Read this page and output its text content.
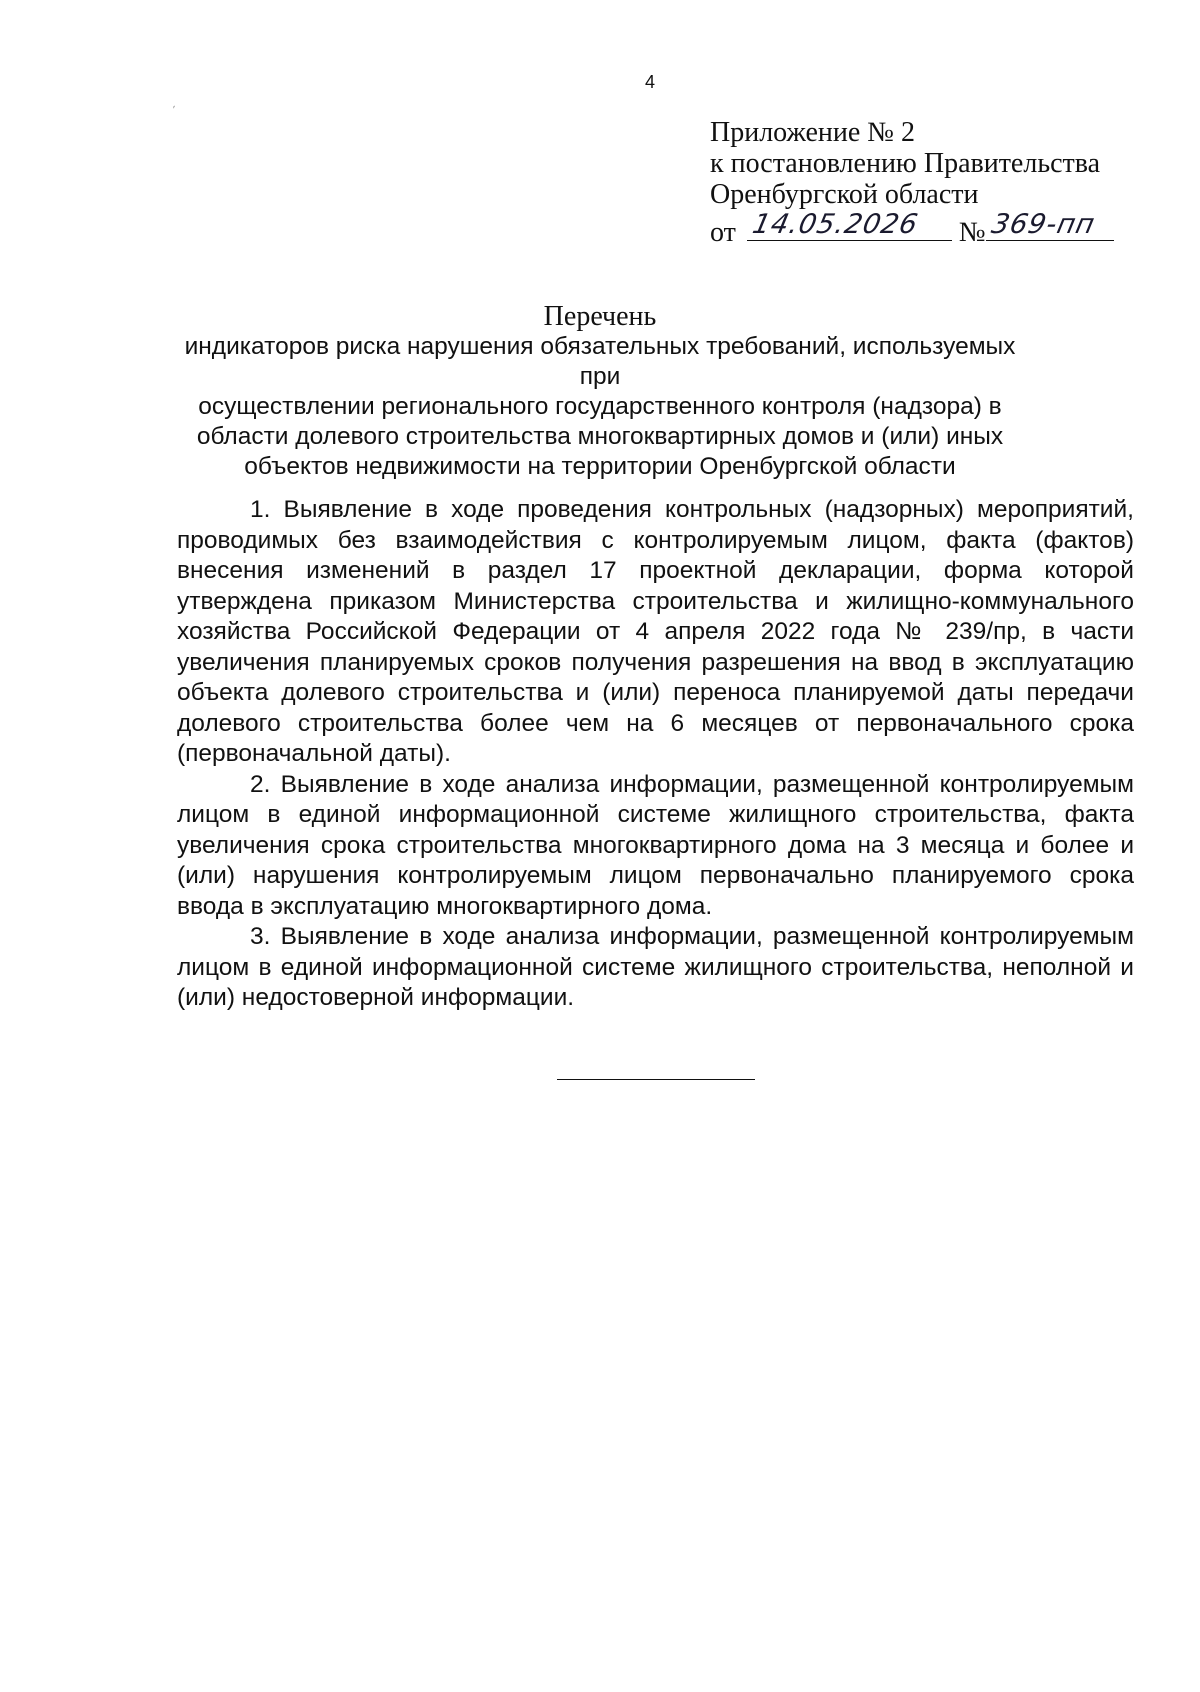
4
´
Приложение № 2
к постановлению Правительства
Оренбургской области
от 14.05.2026 № 369-пп
Перечень
индикаторов риска нарушения обязательных требований, используемых при
осуществлении регионального государственного контроля (надзора) в
области долевого строительства многоквартирных домов и (или) иных
объектов недвижимости на территории Оренбургской области

1. Выявление в ходе проведения контрольных (надзорных) мероприятий, проводимых без взаимодействия с контролируемым лицом, факта (фактов) внесения изменений в раздел 17 проектной декларации, форма которой утверждена приказом Министерства строительства и жилищно-коммунального хозяйства Российской Федерации от 4 апреля 2022 года № 239/пр, в части увеличения планируемых сроков получения разрешения на ввод в эксплуатацию объекта долевого строительства и (или) переноса планируемой даты передачи долевого строительства более чем на 6 месяцев от первоначального срока (первоначальной даты).

2. Выявление в ходе анализа информации, размещенной контролируемым лицом в единой информационной системе жилищного строительства, факта увеличения срока строительства многоквартирного дома на 3 месяца и более и (или) нарушения контролируемым лицом первоначально планируемого срока ввода в эксплуатацию многоквартирного дома.

3. Выявление в ходе анализа информации, размещенной контролируемым лицом в единой информационной системе жилищного строительства, неполной и (или) недостоверной информации.
